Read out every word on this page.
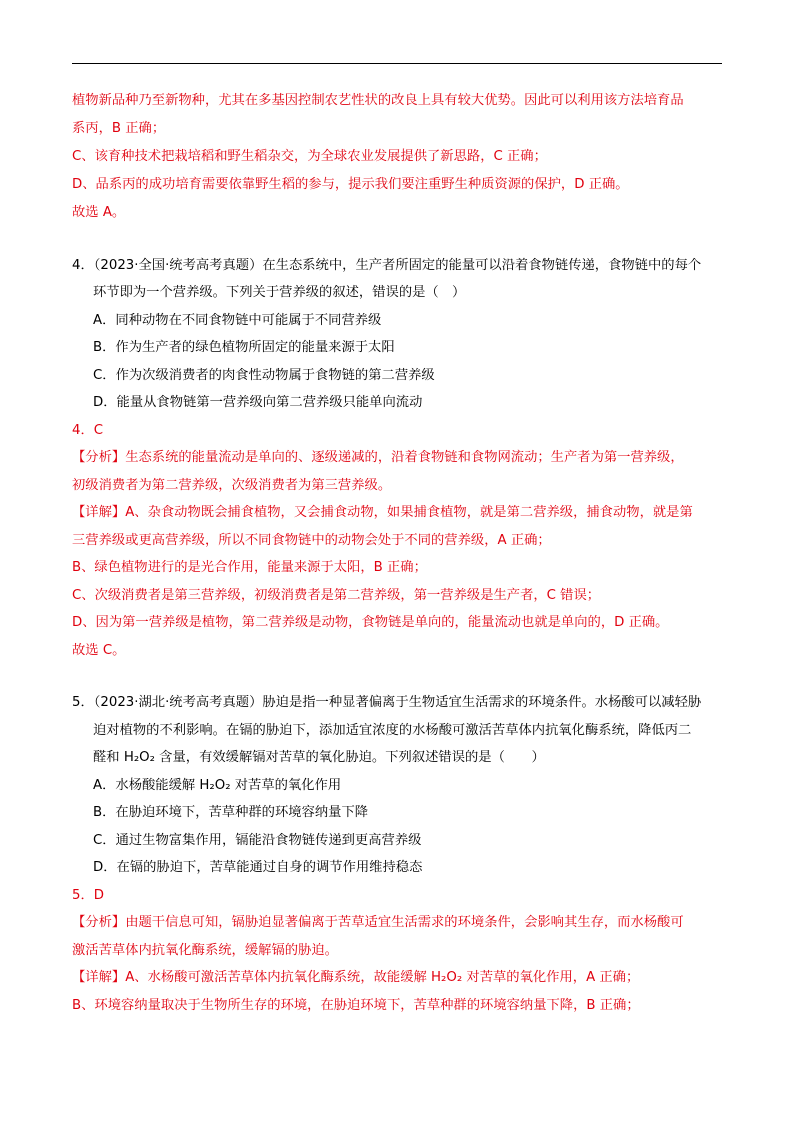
植物新品种乃至新物种，尤其在多基因控制农艺性状的改良上具有较大优势。因此可以利用该方法培育品
系丙，B 正确；
C、该育种技术把栽培稻和野生稻杂交，为全球农业发展提供了新思路，C 正确；
D、品系丙的成功培育需要依靠野生稻的参与，提示我们要注重野生种质资源的保护，D 正确。
故选 A。
4．（2023·全国·统考高考真题）在生态系统中，生产者所固定的能量可以沿着食物链传递，食物链中的每个
环节即为一个营养级。下列关于营养级的叙述，错误的是（　）
A．同种动物在不同食物链中可能属于不同营养级
B．作为生产者的绿色植物所固定的能量来源于太阳
C．作为次级消费者的肉食性动物属于食物链的第二营养级
D．能量从食物链第一营养级向第二营养级只能单向流动
4．C
【分析】生态系统的能量流动是单向的、逐级递减的，沿着食物链和食物网流动；生产者为第一营养级，
初级消费者为第二营养级，次级消费者为第三营养级。
【详解】A、杂食动物既会捕食植物，又会捕食动物，如果捕食植物，就是第二营养级，捕食动物，就是第
三营养级或更高营养级，所以不同食物链中的动物会处于不同的营养级，A 正确；
B、绿色植物进行的是光合作用，能量来源于太阳，B 正确；
C、次级消费者是第三营养级，初级消费者是第二营养级，第一营养级是生产者，C 错误；
D、因为第一营养级是植物，第二营养级是动物，食物链是单向的，能量流动也就是单向的，D 正确。
故选 C。
5．（2023·湖北·统考高考真题）胁迫是指一种显著偏离于生物适宜生活需求的环境条件。水杨酸可以减轻胁
迫对植物的不利影响。在镉的胁迫下，添加适宜浓度的水杨酸可激活苦草体内抗氧化酶系统，降低丙二
醛和 H₂O₂ 含量，有效缓解镉对苦草的氧化胁迫。下列叙述错误的是（　　）
A．水杨酸能缓解 H₂O₂ 对苦草的氧化作用
B．在胁迫环境下，苦草种群的环境容纳量下降
C．通过生物富集作用，镉能沿食物链传递到更高营养级
D．在镉的胁迫下，苦草能通过自身的调节作用维持稳态
5．D
【分析】由题干信息可知，镉胁迫显著偏离于苦草适宜生活需求的环境条件，会影响其生存，而水杨酸可
激活苦草体内抗氧化酶系统，缓解镉的胁迫。
【详解】A、水杨酸可激活苦草体内抗氧化酶系统，故能缓解 H₂O₂ 对苦草的氧化作用，A 正确；
B、环境容纳量取决于生物所生存的环境，在胁迫环境下，苦草种群的环境容纳量下降，B 正确；
